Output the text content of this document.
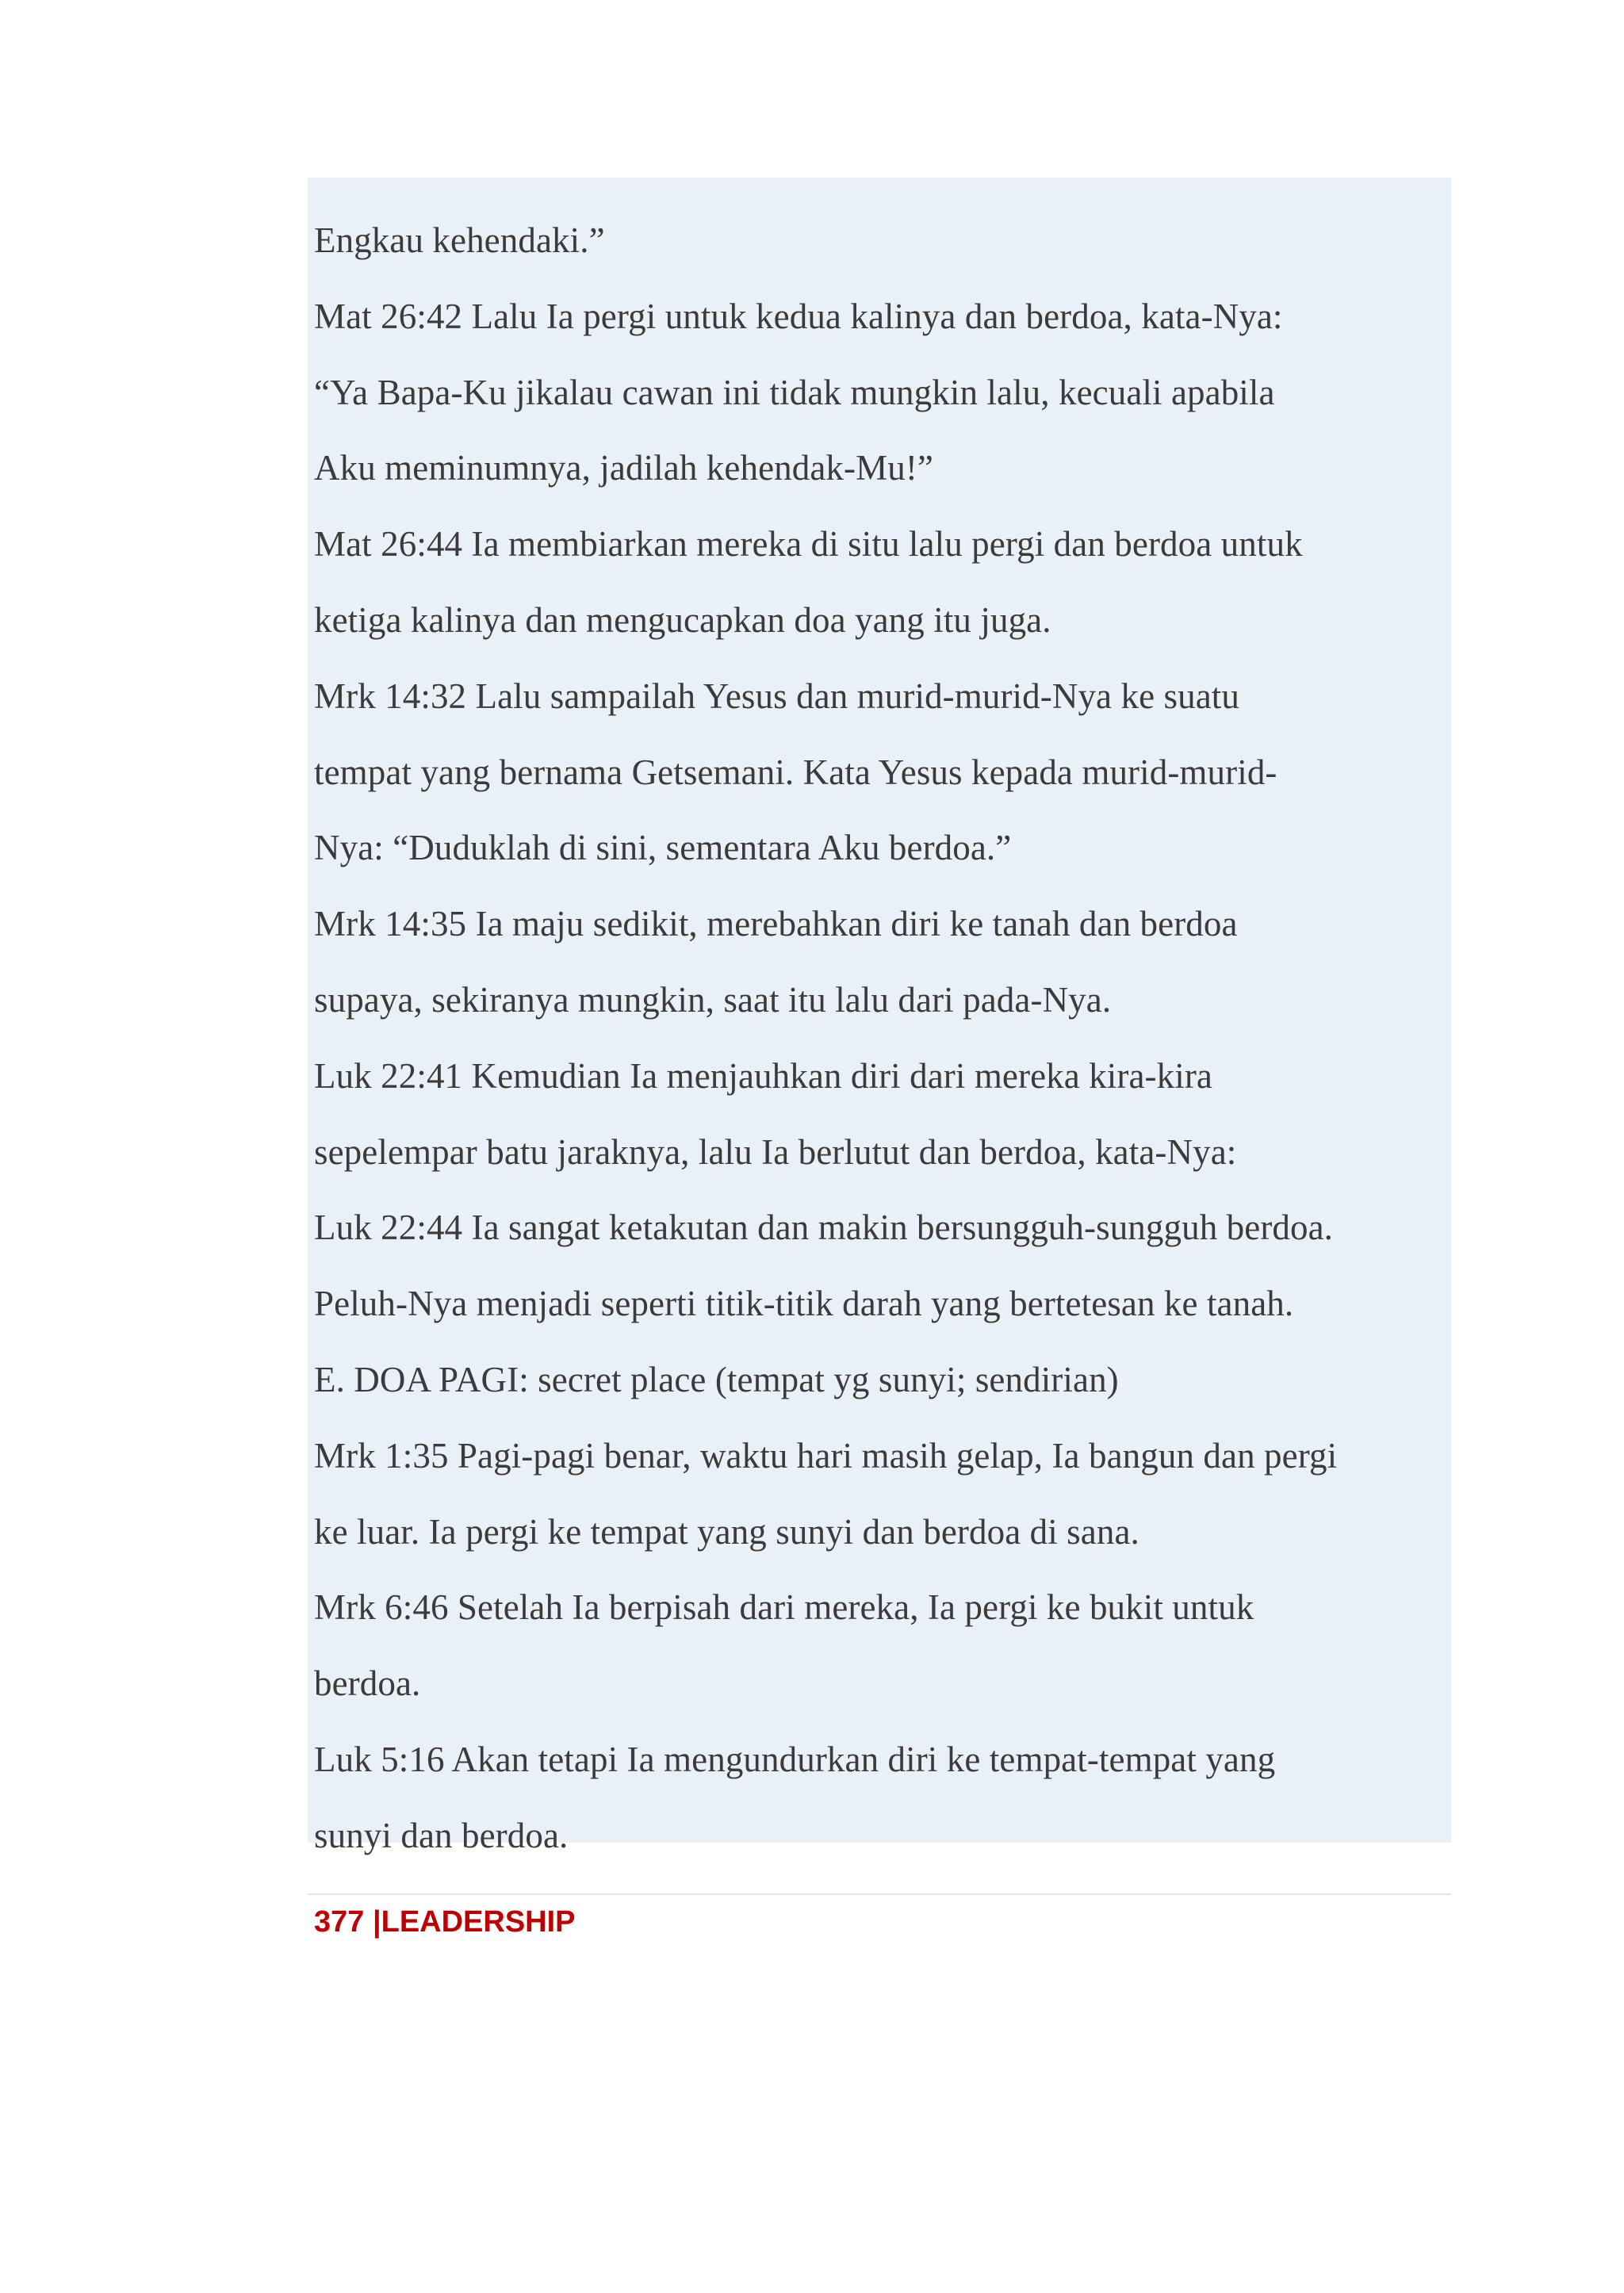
Engkau kehendaki.”
Mat 26:42 Lalu Ia pergi untuk kedua kalinya dan berdoa, kata-Nya:
“Ya Bapa-Ku jikalau cawan ini tidak mungkin lalu, kecuali apabila
Aku meminumnya, jadilah kehendak-Mu!”
Mat 26:44 Ia membiarkan mereka di situ lalu pergi dan berdoa untuk
ketiga kalinya dan mengucapkan doa yang itu juga.
Mrk 14:32 Lalu sampailah Yesus dan murid-murid-Nya ke suatu
tempat yang bernama Getsemani. Kata Yesus kepada murid-murid-
Nya: “Duduklah di sini, sementara Aku berdoa.”
Mrk 14:35 Ia maju sedikit, merebahkan diri ke tanah dan berdoa
supaya, sekiranya mungkin, saat itu lalu dari pada-Nya.
Luk 22:41 Kemudian Ia menjauhkan diri dari mereka kira-kira
sepelempar batu jaraknya, lalu Ia berlutut dan berdoa, kata-Nya:
Luk 22:44 Ia sangat ketakutan dan makin bersungguh-sungguh berdoa.
Peluh-Nya menjadi seperti titik-titik darah yang bertetesan ke tanah.
E. DOA PAGI: secret place (tempat yg sunyi; sendirian)
Mrk 1:35 Pagi-pagi benar, waktu hari masih gelap, Ia bangun dan pergi
ke luar. Ia pergi ke tempat yang sunyi dan berdoa di sana.
Mrk 6:46 Setelah Ia berpisah dari mereka, Ia pergi ke bukit untuk
berdoa.
Luk 5:16 Akan tetapi Ia mengundurkan diri ke tempat-tempat yang
sunyi dan berdoa.
377 |LEADERSHIP
